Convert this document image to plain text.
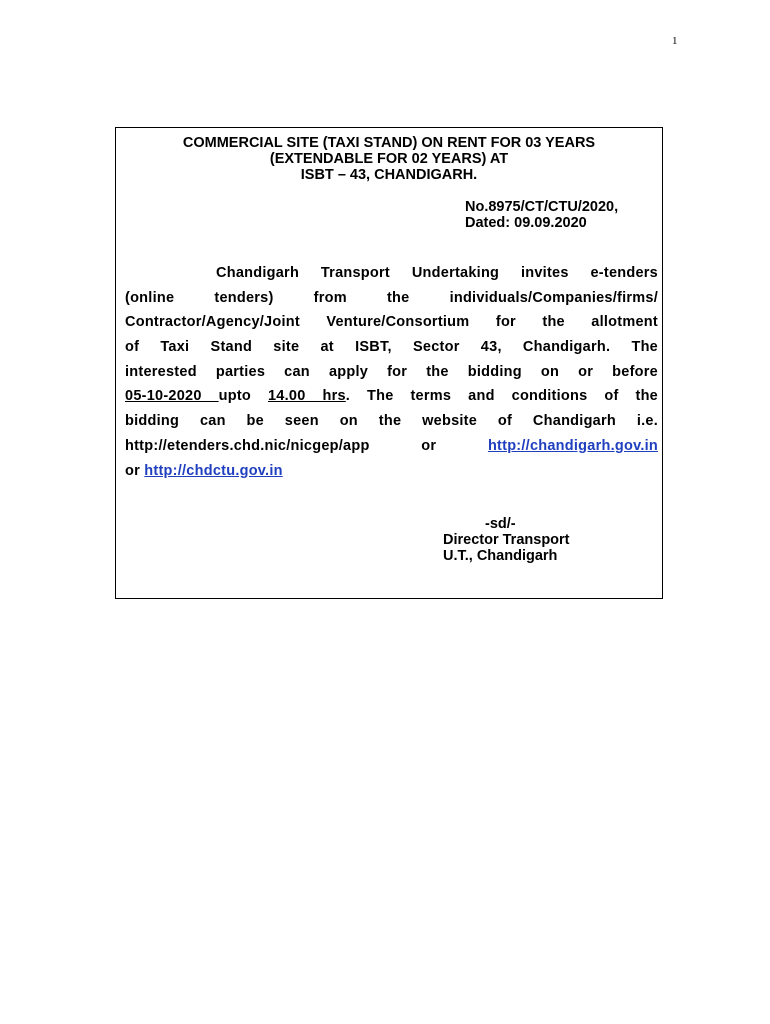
1
COMMERCIAL SITE (TAXI STAND) ON RENT FOR 03 YEARS
(EXTENDABLE FOR 02 YEARS) AT
ISBT – 43, CHANDIGARH.
No.8975/CT/CTU/2020,
Dated: 09.09.2020
Chandigarh Transport Undertaking invites e-tenders
(online tenders) from the individuals/Companies/firms/
Contractor/Agency/Joint Venture/Consortium for the allotment
of Taxi Stand site at ISBT, Sector 43, Chandigarh. The
interested parties can apply for the bidding on or before
05-10-2020 upto 14.00 hrs. The terms and conditions of the
bidding can be seen on the website of Chandigarh i.e.
http://etenders.chd.nic/nicgep/app	or	http://chandigarh.gov.in
or http://chdctu.gov.in
-sd/-
Director Transport
U.T., Chandigarh
